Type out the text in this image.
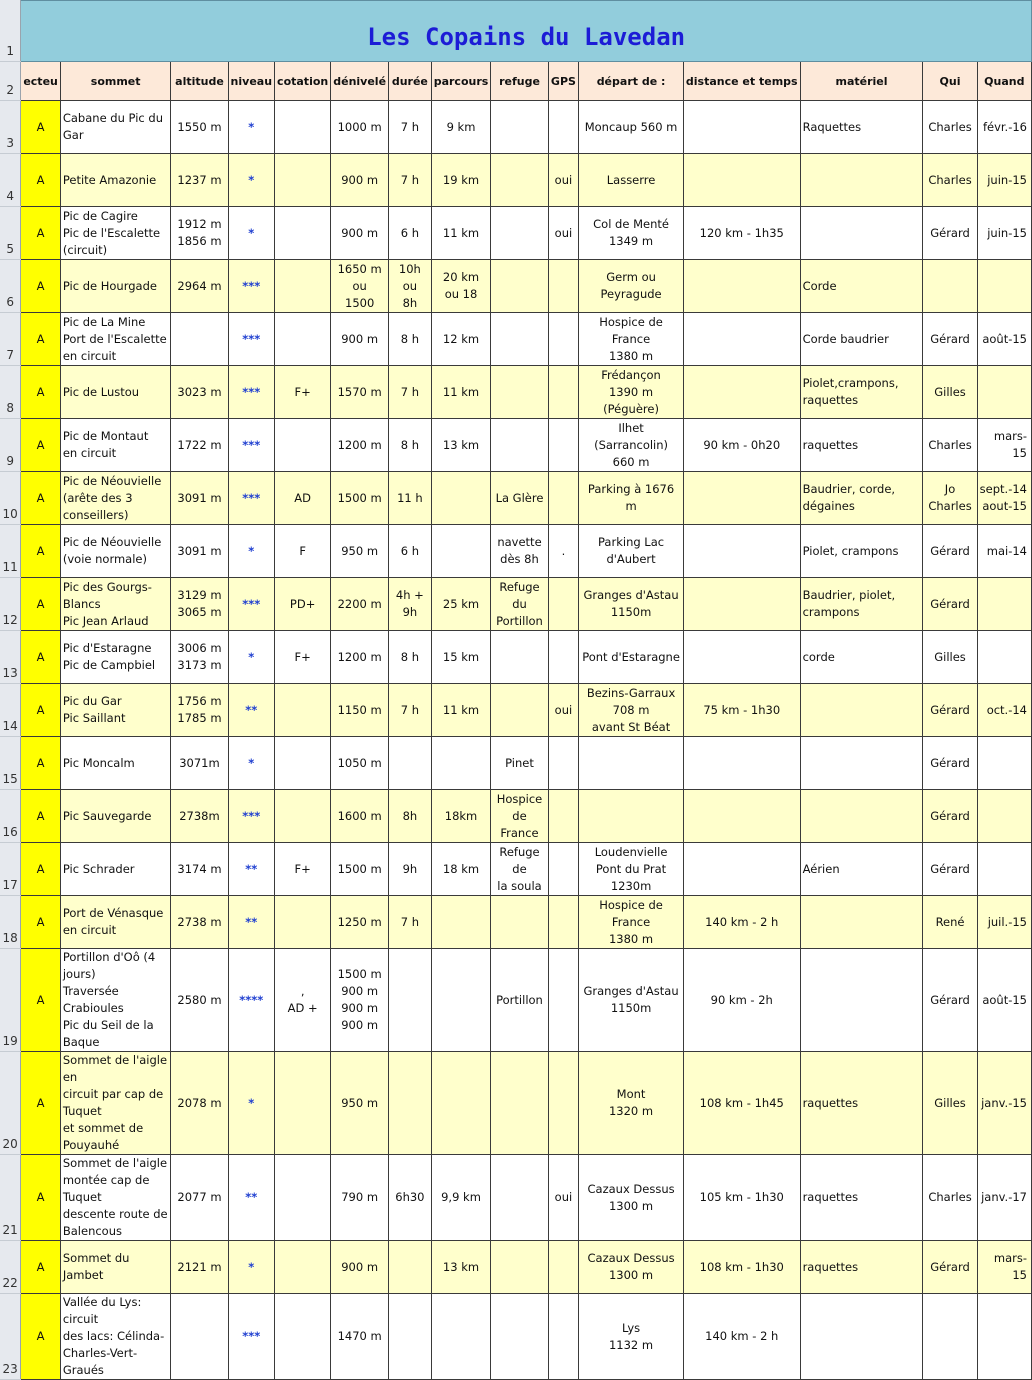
1	Les Copains du Lavedan														

2	ecteu	sommet	altitude	niveau	cotation	dénivelé	durée	parcours	refuge	GPS	départ de :	distance et temps	matériel	Qui	Quand
3	A	Cabane du Pic du Gar	1550 m	*		1000 m	7 h	9 km			Moncaup 560 m		Raquettes	Charles	févr.-16
4	A	Petite Amazonie	1237 m	*		900 m	7 h	19 km		oui	Lasserre			Charles	juin-15
5	A	Pic de Cagire
Pic de l'Escalette
(circuit)	1912 m
1856 m	*		900 m	6 h	11 km		oui	Col de Menté
1349 m	120 km - 1h35		Gérard	juin-15
6	A	Pic de Hourgade	2964 m	***		1650 m
ou
1500	10h ou
8h	20 km
ou 18			Germ ou Peyragude		Corde		
7	A	Pic de La Mine
Port de l'Escalette
en circuit		***		900 m	8 h	12 km			Hospice de France
1380 m		Corde baudrier	Gérard	août-15
8	A	Pic de Lustou	3023 m	***	F+	1570 m	7 h	11 km			Frédançon
1390 m (Péguère)		Piolet,crampons,
raquettes	Gilles	
9	A	Pic de Montaut
en circuit	1722 m	***		1200 m	8 h	13 km			Ilhet (Sarrancolin)
660 m	90 km - 0h20	raquettes	Charles	mars-15
10	A	Pic de Néouvielle
(arête des 3 conseillers)	3091 m	***	AD	1500 m	11 h		La Glère		Parking à 1676 m		Baudrier, corde,
dégaines	Jo
Charles	sept.-14
aout-15
11	A	Pic de Néouvielle
(voie normale)	3091 m	*	F	950 m	6 h		navette
dès 8h	.	Parking Lac d'Aubert		Piolet, crampons	Gérard	mai-14
12	A	Pic des Gourgs-Blancs
Pic Jean Arlaud	3129 m
3065 m	***	PD+	2200 m	4h +
9h	25 km	Refuge du
Portillon		Granges d'Astau
1150m		Baudrier, piolet,
crampons	Gérard	
13	A	Pic d'Estaragne
Pic de Campbiel	3006 m
3173 m	*	F+	1200 m	8 h	15 km			Pont d'Estaragne		corde	Gilles	
14	A	Pic du Gar
Pic Saillant	1756 m
1785 m	**		1150 m	7 h	11 km		oui	Bezins-Garraux 708 m
avant St Béat	75 km - 1h30		Gérard	oct.-14
15	A	Pic Moncalm	3071m	*		1050 m			Pinet					Gérard	
16	A	Pic Sauvegarde	2738m	***		1600 m	8h	18km	Hospice
de France					Gérard	
17	A	Pic Schrader	3174 m	**	F+	1500 m	9h	18 km	Refuge de
la soula		Loudenvielle
Pont du Prat 1230m		Aérien	Gérard	
18	A	Port de Vénasque
en circuit	2738 m	**		1250 m	7 h				Hospice de France
1380 m	140 km - 2 h		René	juil.-15
19	A	Portillon d'Oô (4 jours)
Traversée Crabioules
Pic du Seil de la Baque	2580 m	****	,
AD +	1500 m
900 m
900 m
900 m			Portillon		Granges d'Astau
1150m	90 km - 2h		Gérard	août-15
20	A	Sommet de l'aigle en
circuit par cap de Tuquet
et sommet de Pouyauhé	2078 m	*		950 m					Mont
1320 m	108 km - 1h45	raquettes	Gilles	janv.-15
21	A	Sommet de l'aigle
montée cap de Tuquet
descente route de
Balencous	2077 m	**		790 m	6h30	9,9 km		oui	Cazaux Dessus
1300 m	105 km - 1h30	raquettes	Charles	janv.-17
22	A	Sommet du Jambet	2121 m	*		900 m		13 km			Cazaux Dessus
1300 m	108 km - 1h30	raquettes	Gérard	mars-15
23	A	Vallée du Lys: circuit
des lacs: Célinda-
Charles-Vert-Graués		***		1470 m					Lys
1132 m	140 km - 2 h			
